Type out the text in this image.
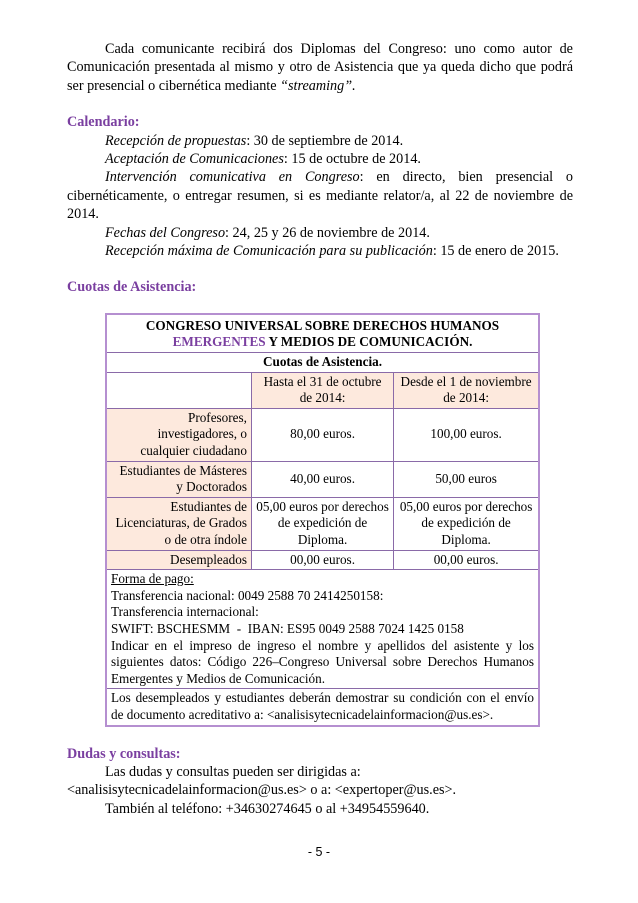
Cada comunicante recibirá dos Diplomas del Congreso: uno como autor de Comunicación presentada al mismo y otro de Asistencia que ya queda dicho que podrá ser presencial o cibernética mediante “streaming”.

Calendario:

Recepción de propuestas: 30 de septiembre de 2014.

Aceptación de Comunicaciones: 15 de octubre de 2014.

Intervención comunicativa en Congreso: en directo, bien presencial o cibernéticamente, o entregar resumen, si es mediante relator/a, al 22 de noviembre de 2014.

Fechas del Congreso: 24, 25 y 26 de noviembre de 2014.

Recepción máxima de Comunicación para su publicación: 15 de enero de 2015.

Cuotas de Asistencia:
CONGRESO UNIVERSAL SOBRE DERECHOS HUMANOS
EMERGENTES Y MEDIOS DE COMUNICACIÓN.		
Cuotas de Asistencia.		
	Hasta el 31 de octubre de 2014:	Desde el 1 de noviembre de 2014:
Profesores, investigadores, o cualquier ciudadano	80,00 euros.	100,00 euros.
Estudiantes de Másteres y Doctorados	40,00 euros.	50,00 euros
Estudiantes de Licenciaturas, de Grados o de otra índole	05,00 euros por derechos de expedición de Diploma.	05,00 euros por derechos de expedición de Diploma.
Desempleados	00,00 euros.	00,00 euros.
Forma de pago:
Transferencia nacional: 0049 2588 70 2414250158:
Transferencia internacional:
SWIFT: BSCHESMM  -  IBAN: ES95 0049 2588 7024 1425 0158
Indicar en el impreso de ingreso el nombre y apellidos del asistente y los siguientes datos: Código 226–Congreso Universal sobre Derechos Humanos Emergentes y Medios de Comunicación.		
Los desempleados y estudiantes deberán demostrar su condición con el envío de documento acreditativo a: <analisisytecnicadelainformacion@us.es>.		
Dudas y consultas:

Las dudas y consultas pueden ser dirigidas a:

<analisisytecnicadelainformacion@us.es> o a: <expertoper@us.es>.

También al teléfono: +34630274645 o al +34954559640.

- 5 -
